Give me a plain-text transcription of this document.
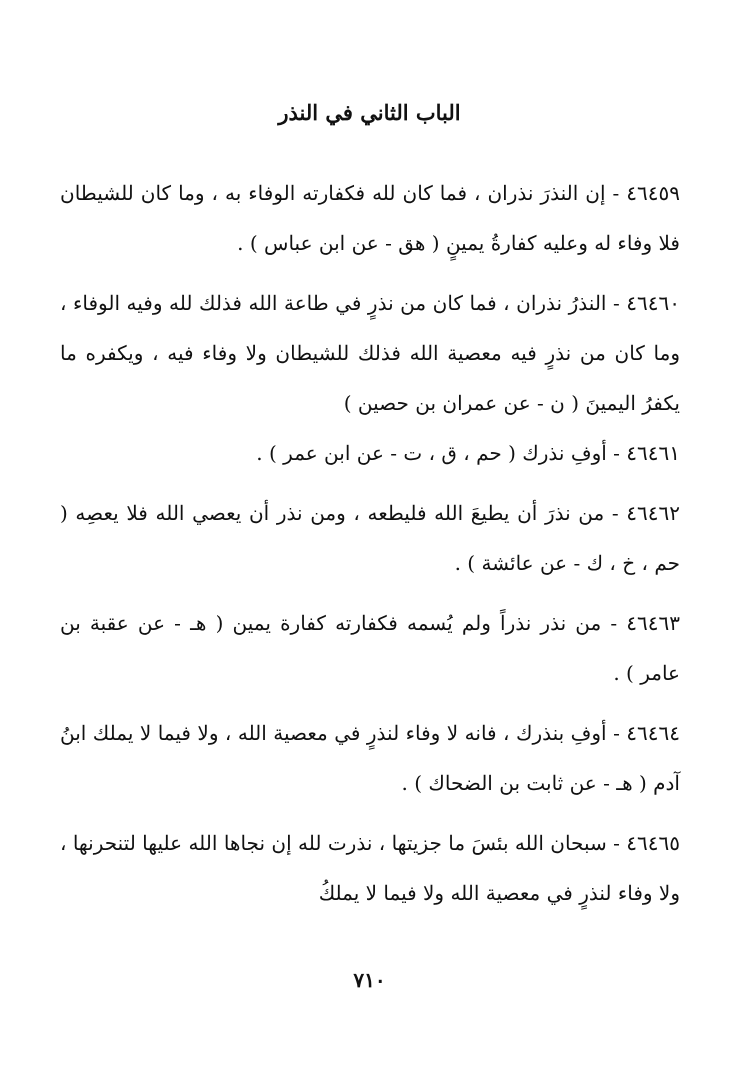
الباب الثاني في النذر

٤٦٤٥٩ - إن النذرَ نذران ، فما كان لله فكفارته الوفاء به ، وما كان للشيطان فلا وفاء له وعليه كفارةُ يمينٍ ( هق - عن ابن عباس ) .

٤٦٤٦٠ - النذرُ نذران ، فما كان من نذرٍ في طاعة الله فذلك لله وفيه الوفاء ، وما كان من نذرٍ فيه معصية الله فذلك للشيطان ولا وفاء فيه ، ويكفره ما يكفرُ اليمينَ ( ن - عن عمران بن حصين )

٤٦٤٦١ - أوفِ نذرك ( حم ، ق ، ت - عن ابن عمر ) .

٤٦٤٦٢ - من نذرَ أن يطيعَ الله فليطعه ، ومن نذر أن يعصي الله فلا يعصِه ( حم ، خ ، ك - عن عائشة ) .

٤٦٤٦٣ - من نذر نذراً ولم يُسمه فكفارته كفارة يمين ( هـ - عن عقبة بن عامر ) .

٤٦٤٦٤ - أوفِ بنذرك ، فانه لا وفاء لنذرٍ في معصية الله ، ولا فيما لا يملك ابنُ آدم ( هـ - عن ثابت بن الضحاك ) .

٤٦٤٦٥ - سبحان الله بئسَ ما جزيتها ، نذرت لله إن نجاها الله عليها لتنحرنها ، ولا وفاء لنذرٍ في معصية الله ولا فيما لا يملكُ

٧١٠
